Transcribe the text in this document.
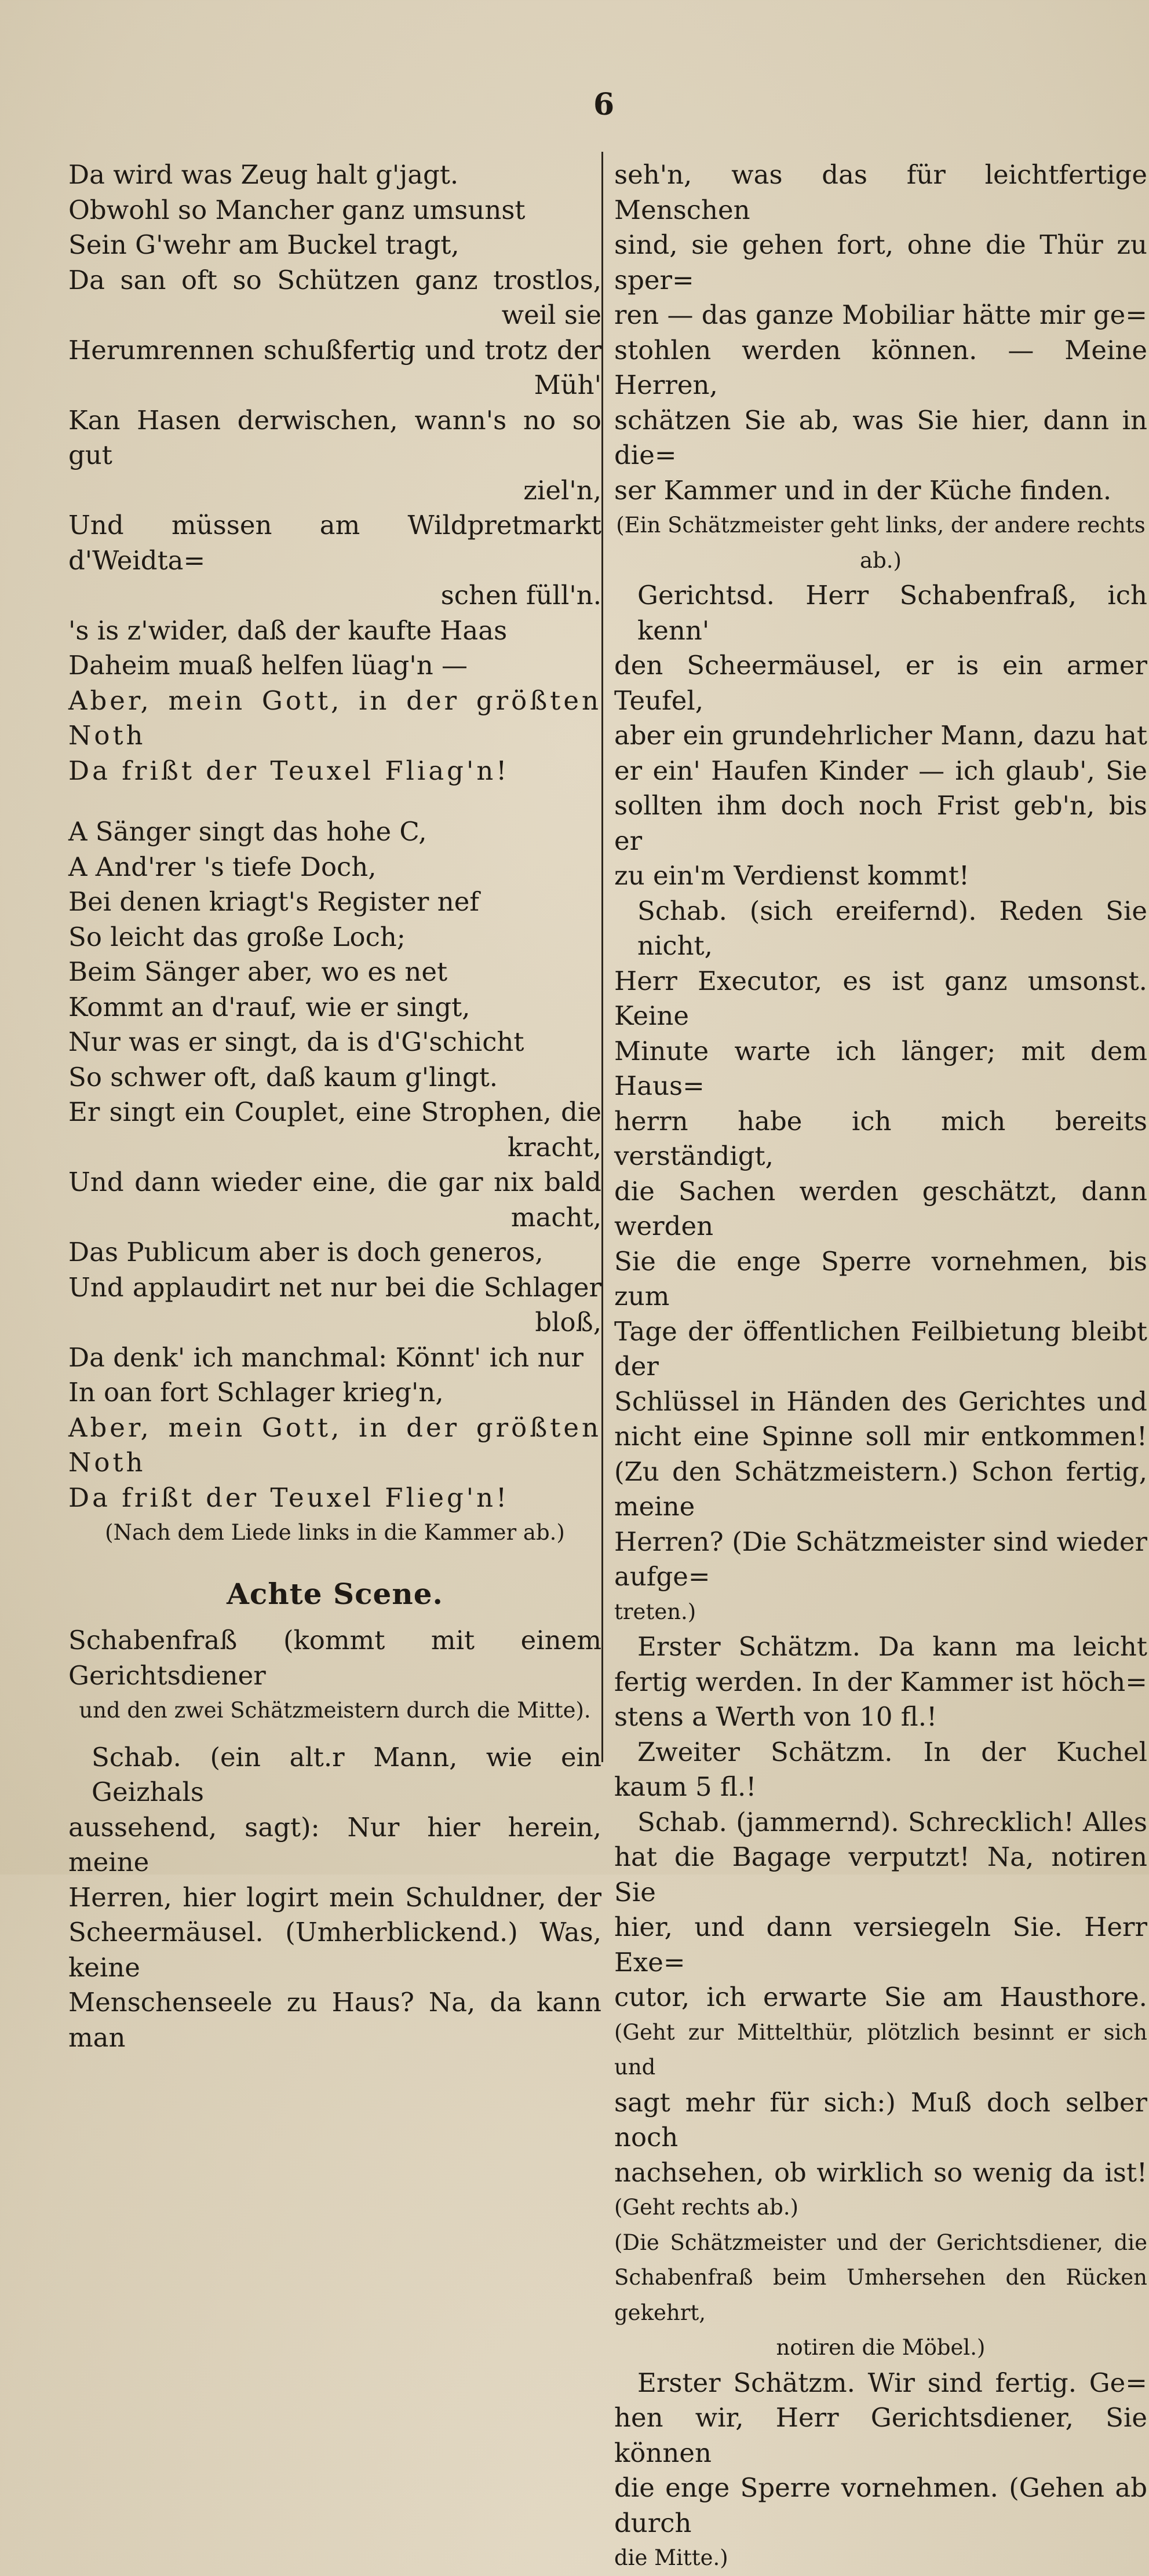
6
Da wird was Zeug halt g'jagt.
Obwohl so Mancher ganz umsunst
Sein G'wehr am Buckel tragt,
Da san oft so Schützen ganz trostlos,
weil sie
Herumrennen schußfertig und trotz der
Müh'
Kan Hasen derwischen, wann's no so gut
ziel'n,
Und müssen am Wildpretmarkt d'Weidta=
schen füll'n.
's is z'wider, daß der kaufte Haas
Daheim muaß helfen lüag'n —
Aber, mein Gott, in der größten Noth
Da frißt der Teuxel Fliag'n!
A Sänger singt das hohe C,
A And'rer 's tiefe Doch,
Bei denen kriagt's Register nef
So leicht das große Loch;
Beim Sänger aber, wo es net
Kommt an d'rauf, wie er singt,
Nur was er singt, da is d'G'schicht
So schwer oft, daß kaum g'lingt.
Er singt ein Couplet, eine Strophen, die
kracht,
Und dann wieder eine, die gar nix bald
macht,
Das Publicum aber is doch generos,
Und applaudirt net nur bei die Schlager
bloß,
Da denk' ich manchmal: Könnt' ich nur
In oan fort Schlager krieg'n,
Aber, mein Gott, in der größten Noth
Da frißt der Teuxel Flieg'n!
(Nach dem Liede links in die Kammer ab.)
Achte Scene.
Schabenfraß (kommt mit einem Gerichtsdiener
und den zwei Schätzmeistern durch die Mitte).
Schab. (ein alt.r Mann, wie ein Geizhals
aussehend, sagt): Nur hier herein, meine
Herren, hier logirt mein Schuldner, der
Scheermäusel. (Umherblickend.) Was, keine
Menschenseele zu Haus? Na, da kann man
seh'n, was das für leichtfertige Menschen
sind, sie gehen fort, ohne die Thür zu sper=
ren — das ganze Mobiliar hätte mir ge=
stohlen werden können. — Meine Herren,
schätzen Sie ab, was Sie hier, dann in die=
ser Kammer und in der Küche finden.
(Ein Schätzmeister geht links, der andere rechts ab.)
Gerichtsd. Herr Schabenfraß, ich kenn'
den Scheermäusel, er is ein armer Teufel,
aber ein grundehrlicher Mann, dazu hat
er ein' Haufen Kinder — ich glaub', Sie
sollten ihm doch noch Frist geb'n, bis er
zu ein'm Verdienst kommt!
Schab. (sich ereifernd). Reden Sie nicht,
Herr Executor, es ist ganz umsonst. Keine
Minute warte ich länger; mit dem Haus=
herrn habe ich mich bereits verständigt,
die Sachen werden geschätzt, dann werden
Sie die enge Sperre vornehmen, bis zum
Tage der öffentlichen Feilbietung bleibt der
Schlüssel in Händen des Gerichtes und
nicht eine Spinne soll mir entkommen!
(Zu den Schätzmeistern.) Schon fertig, meine
Herren? (Die Schätzmeister sind wieder aufge=
treten.)
Erster Schätzm. Da kann ma leicht
fertig werden. In der Kammer ist höch=
stens a Werth von 10 fl.!
Zweiter Schätzm. In der Kuchel
kaum 5 fl.!
Schab. (jammernd). Schrecklich! Alles
hat die Bagage verputzt! Na, notiren Sie
hier, und dann versiegeln Sie. Herr Exe=
cutor, ich erwarte Sie am Hausthore.
(Geht zur Mittelthür, plötzlich besinnt er sich und
sagt mehr für sich:) Muß doch selber noch
nachsehen, ob wirklich so wenig da ist!
(Geht rechts ab.)
(Die Schätzmeister und der Gerichtsdiener, die
Schabenfraß beim Umhersehen den Rücken gekehrt,
notiren die Möbel.)
Erster Schätzm. Wir sind fertig. Ge=
hen wir, Herr Gerichtsdiener, Sie können
die enge Sperre vornehmen. (Gehen ab durch
die Mitte.)
